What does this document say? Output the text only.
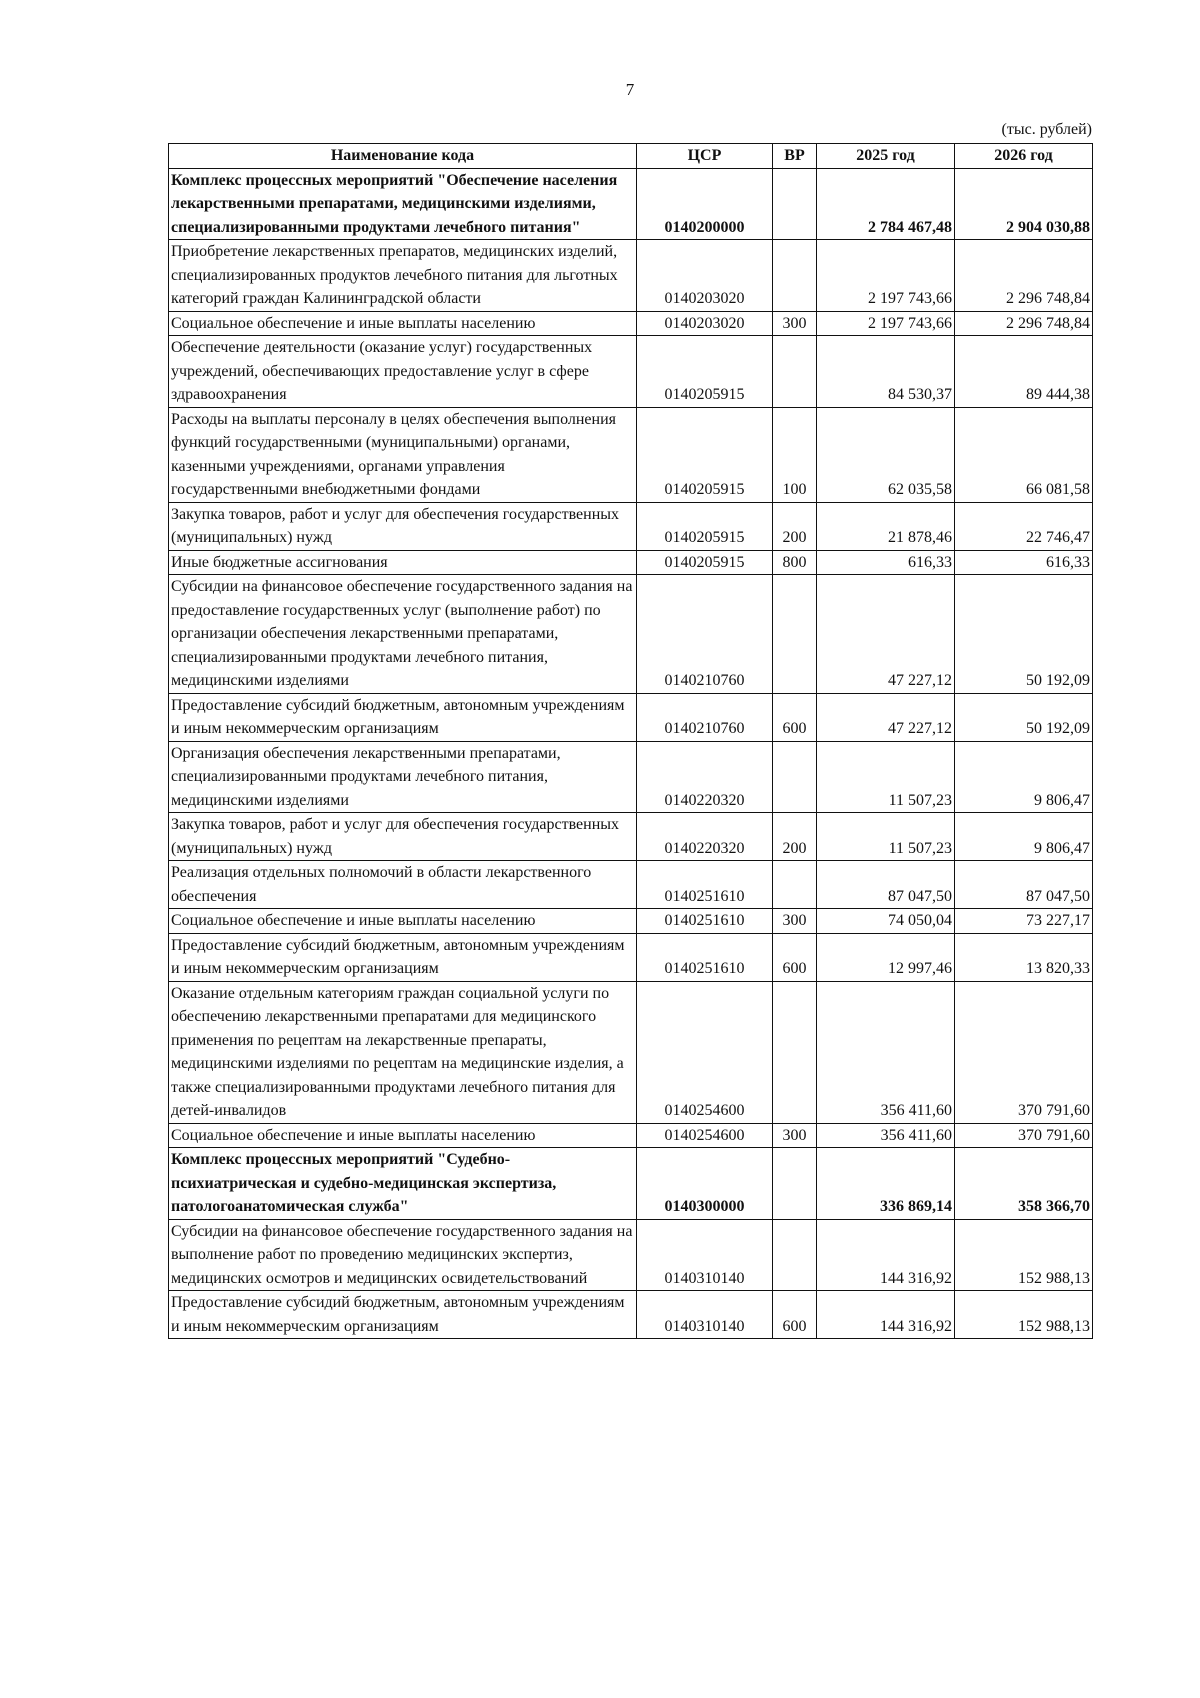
7
(тыс. рублей)
Наименование кода	ЦСР	ВР	2025 год	2026 год
Комплекс процессных мероприятий "Обеспечение населения лекарственными препаратами, медицинскими изделиями, специализированными продуктами лечебного питания"	0140200000		2 784 467,48	2 904 030,88
Приобретение лекарственных препаратов, медицинских изделий, специализированных продуктов лечебного питания для льготных категорий граждан Калининградской области	0140203020		2 197 743,66	2 296 748,84
Социальное обеспечение и иные выплаты населению	0140203020	300	2 197 743,66	2 296 748,84
Обеспечение деятельности (оказание услуг) государственных учреждений, обеспечивающих предоставление услуг в сфере здравоохранения	0140205915		84 530,37	89 444,38
Расходы на выплаты персоналу в целях обеспечения выполнения функций государственными (муниципальными) органами, казенными учреждениями, органами управления государственными внебюджетными фондами	0140205915	100	62 035,58	66 081,58
Закупка товаров, работ и услуг для обеспечения государственных (муниципальных) нужд	0140205915	200	21 878,46	22 746,47
Иные бюджетные ассигнования	0140205915	800	616,33	616,33
Субсидии на финансовое обеспечение государственного задания на предоставление государственных услуг (выполнение работ) по организации обеспечения лекарственными препаратами, специализированными продуктами лечебного питания, медицинскими изделиями	0140210760		47 227,12	50 192,09
Предоставление субсидий бюджетным, автономным учреждениям и иным некоммерческим организациям	0140210760	600	47 227,12	50 192,09
Организация обеспечения лекарственными препаратами, специализированными продуктами лечебного питания, медицинскими изделиями	0140220320		11 507,23	9 806,47
Закупка товаров, работ и услуг для обеспечения государственных (муниципальных) нужд	0140220320	200	11 507,23	9 806,47
Реализация отдельных полномочий в области лекарственного обеспечения	0140251610		87 047,50	87 047,50
Социальное обеспечение и иные выплаты населению	0140251610	300	74 050,04	73 227,17
Предоставление субсидий бюджетным, автономным учреждениям и иным некоммерческим организациям	0140251610	600	12 997,46	13 820,33
Оказание отдельным категориям граждан социальной услуги по обеспечению лекарственными препаратами для медицинского применения по рецептам на лекарственные препараты, медицинскими изделиями по рецептам на медицинские изделия, а также специализированными продуктами лечебного питания для детей-инвалидов	0140254600		356 411,60	370 791,60
Социальное обеспечение и иные выплаты населению	0140254600	300	356 411,60	370 791,60
Комплекс процессных мероприятий "Судебно-психиатрическая и судебно-медицинская экспертиза, патологоанатомическая служба"	0140300000		336 869,14	358 366,70
Субсидии на финансовое обеспечение государственного задания на выполнение работ по проведению медицинских экспертиз, медицинских осмотров и медицинских освидетельствований	0140310140		144 316,92	152 988,13
Предоставление субсидий бюджетным, автономным учреждениям и иным некоммерческим организациям	0140310140	600	144 316,92	152 988,13
